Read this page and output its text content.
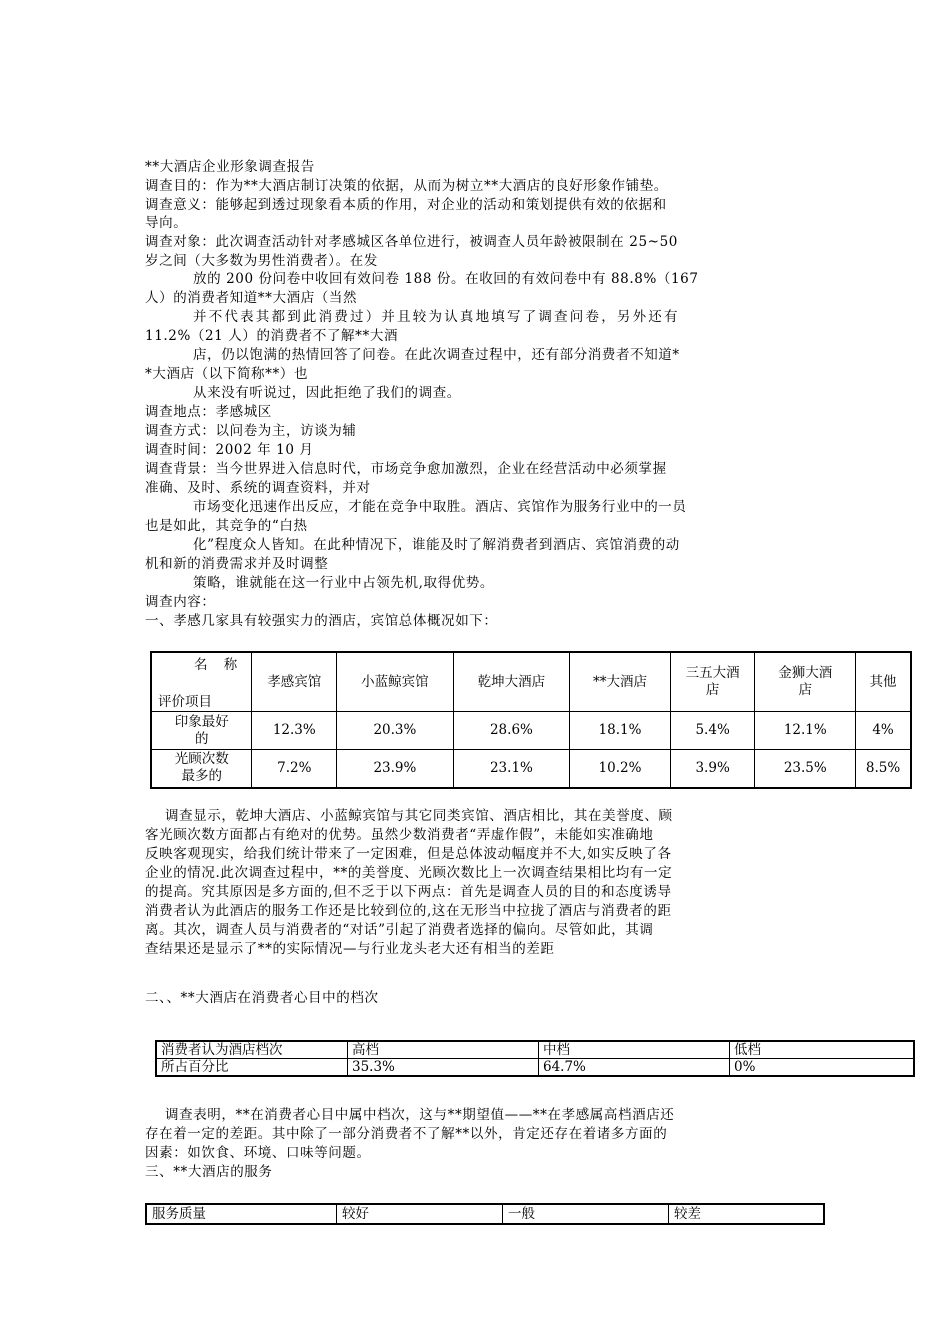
**大酒店企业形象调查报告
调查目的：作为**大酒店制订决策的依据，从而为树立**大酒店的良好形象作铺垫。
调查意义：能够起到透过现象看本质的作用，对企业的活动和策划提供有效的依据和
导向。
调查对象：此次调查活动针对孝感城区各单位进行，被调查人员年龄被限制在 25~50
岁之间（大多数为男性消费者）。在发
放的 200 份问卷中收回有效问卷 188 份。在收回的有效问卷中有 88.8%（167
人）的消费者知道**大酒店（当然
并不代表其都到此消费过）并且较为认真地填写了调查问卷，另外还有
11.2%（21 人）的消费者不了解**大酒
店，仍以饱满的热情回答了问卷。在此次调查过程中，还有部分消费者不知道*
*大酒店（以下简称**）也
从来没有听说过，因此拒绝了我们的调查。
调查地点：孝感城区
调查方式：以问卷为主，访谈为辅
调查时间：2002 年 10 月
调查背景：当今世界进入信息时代，市场竞争愈加激烈，企业在经营活动中必须掌握
准确、及时、系统的调查资料，并对
市场变化迅速作出反应，才能在竞争中取胜。酒店、宾馆作为服务行业中的一员
也是如此，其竞争的“白热
化”程度众人皆知。在此种情况下，谁能及时了解消费者到酒店、宾馆消费的动
机和新的消费需求并及时调整
策略，谁就能在这一行业中占领先机,取得优势。
调查内容：
一、孝感几家具有较强实力的酒店，宾馆总体概况如下：
名 称
评价项目	孝感宾馆	小蓝鲸宾馆	乾坤大酒店	**大酒店	三五大酒
店	金狮大酒
店	其他
印象最好
的	12.3%	20.3%	28.6%	18.1%	5.4%	12.1%	4%
光顾次数
最多的	7.2%	23.9%	23.1%	10.2%	3.9%	23.5%	8.5%
调查显示，乾坤大酒店、小蓝鲸宾馆与其它同类宾馆、酒店相比，其在美誉度、顾
客光顾次数方面都占有绝对的优势。虽然少数消费者“弄虚作假”，未能如实准确地
反映客观现实，给我们统计带来了一定困难，但是总体波动幅度并不大,如实反映了各
企业的情况.此次调查过程中，**的美誉度、光顾次数比上一次调查结果相比均有一定
的提高。究其原因是多方面的,但不乏于以下两点：首先是调查人员的目的和态度诱导
消费者认为此酒店的服务工作还是比较到位的,这在无形当中拉拢了酒店与消费者的距
离。其次，调查人员与消费者的“对话”引起了消费者选择的偏向。尽管如此，其调
查结果还是显示了**的实际情况—与行业龙头老大还有相当的差距
二、、**大酒店在消费者心目中的档次
消费者认为酒店档次	高档	中档	低档
所占百分比	35.3%	64.7%	0%
调查表明，**在消费者心目中属中档次，这与**期望值——**在孝感属高档酒店还
存在着一定的差距。其中除了一部分消费者不了解**以外，肯定还存在着诸多方面的
因素：如饮食、环境、口味等问题。
三、**大酒店的服务
服务质量	较好	一般	较差
